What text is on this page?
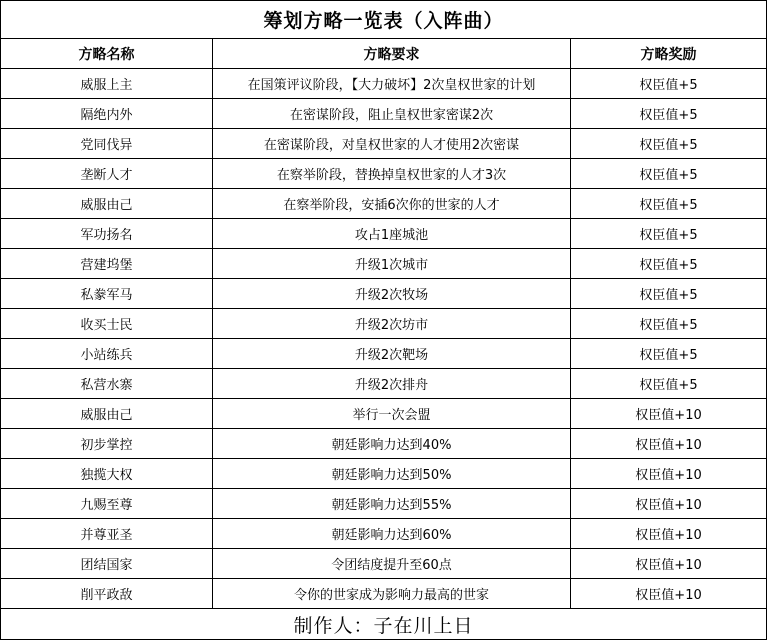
筹划方略一览表（入阵曲）		
方略名称	方略要求	方略奖励
威服上主	在国策评议阶段，【大力破坏】2次皇权世家的计划	权臣值+5
隔绝内外	在密谋阶段，阻止皇权世家密谋2次	权臣值+5
党同伐异	在密谋阶段，对皇权世家的人才使用2次密谋	权臣值+5
垄断人才	在察举阶段，替换掉皇权世家的人才3次	权臣值+5
威服由己	在察举阶段，安插6次你的世家的人才	权臣值+5
军功扬名	攻占1座城池	权臣值+5
营建坞堡	升级1次城市	权臣值+5
私豢军马	升级2次牧场	权臣值+5
收买士民	升级2次坊市	权臣值+5
小站练兵	升级2次靶场	权臣值+5
私营水寨	升级2次排舟	权臣值+5
威服由己	举行一次会盟	权臣值+10
初步掌控	朝廷影响力达到40%	权臣值+10
独揽大权	朝廷影响力达到50%	权臣值+10
九赐至尊	朝廷影响力达到55%	权臣值+10
并尊亚圣	朝廷影响力达到60%	权臣值+10
团结国家	令团结度提升至60点	权臣值+10
削平政敌	令你的世家成为影响力最高的世家	权臣值+10
制作人：子在川上日		
